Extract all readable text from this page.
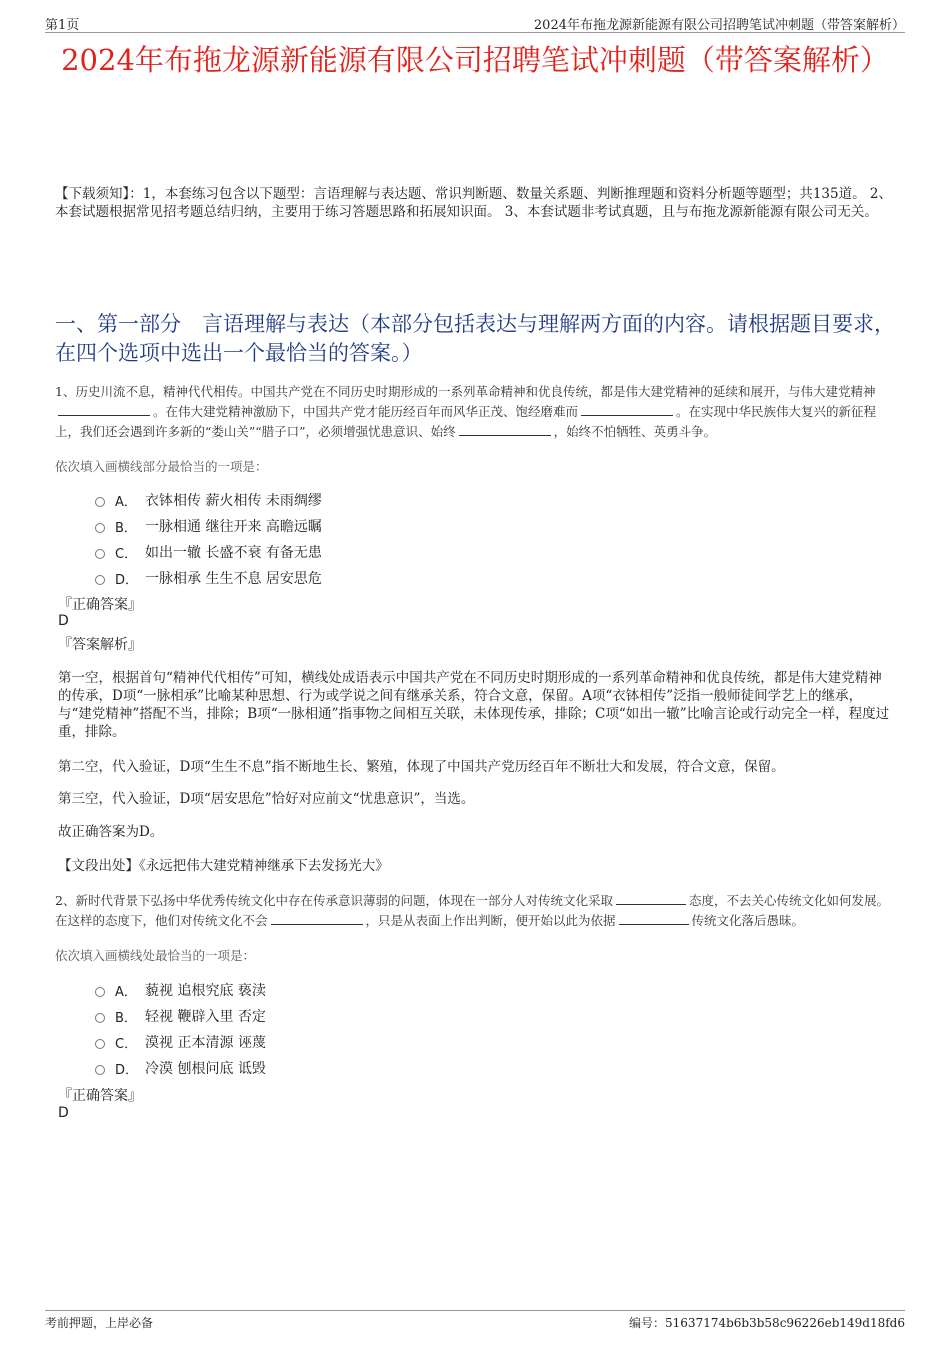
第1页	2024年布拖龙源新能源有限公司招聘笔试冲刺题（带答案解析）
2024年布拖龙源新能源有限公司招聘笔试冲刺题（带答案解析）
【下载须知】：1，本套练习包含以下题型：言语理解与表达题、常识判断题、数量关系题、判断推理题和资料分析题等题型；共135道。 2、本套试题根据常见招考题总结归纳，主要用于练习答题思路和拓展知识面。 3、本套试题非考试真题，且与布拖龙源新能源有限公司无关。
一、第一部分　言语理解与表达（本部分包括表达与理解两方面的内容。请根据题目要求，在四个选项中选出一个最恰当的答案。）
1、历史川流不息，精神代代相传。中国共产党在不同历史时期形成的一系列革命精神和优良传统，都是伟大建党精神的延续和展开，与伟大建党精神。在伟大建党精神激励下，中国共产党才能历经百年而风华正茂、饱经磨难而	。在实现中华民族伟大复兴的新征程上，我们还会遇到许多新的“娄山关”“腊子口”，必须增强忧患意识、始终	，始终不怕牺牲、英勇斗争。
依次填入画横线部分最恰当的一项是：
A． 衣钵相传 薪火相传 未雨绸缪
B． 一脉相通 继往开来 高瞻远瞩
C． 如出一辙 长盛不衰 有备无患
D． 一脉相承 生生不息 居安思危
『正确答案』
D
『答案解析』
第一空，根据首句“精神代代相传”可知，横线处成语表示中国共产党在不同历史时期形成的一系列革命精神和优良传统，都是伟大建党精神的传承，D项“一脉相承”比喻某种思想、行为或学说之间有继承关系，符合文意，保留。A项“衣钵相传”泛指一般师徒间学艺上的继承，与“建党精神”搭配不当，排除；B项“一脉相通”指事物之间相互关联，未体现传承，排除；C项“如出一辙”比喻言论或行动完全一样，程度过重，排除。
第二空，代入验证，D项“生生不息”指不断地生长、繁殖，体现了中国共产党历经百年不断壮大和发展，符合文意，保留。
第三空，代入验证，D项“居安思危”恰好对应前文“忧患意识”，当选。
故正确答案为D。
【文段出处】《永远把伟大建党精神继承下去发扬光大》
2、新时代背景下弘扬中华优秀传统文化中存在传承意识薄弱的问题，体现在一部分人对传统文化采取	态度，不去关心传统文化如何发展。在这样的态度下，他们对传统文化不会	，只是从表面上作出判断，便开始以此为依据	传统文化落后愚昧。
依次填入画横线处最恰当的一项是：
A． 藐视 追根究底 亵渎
B． 轻视 鞭辟入里 否定
C． 漠视 正本清源 诬蔑
D． 冷漠 刨根问底 诋毁
『正确答案』
D
考前押题，上岸必备	编号：51637174b6b3b58c96226eb149d18fd6
